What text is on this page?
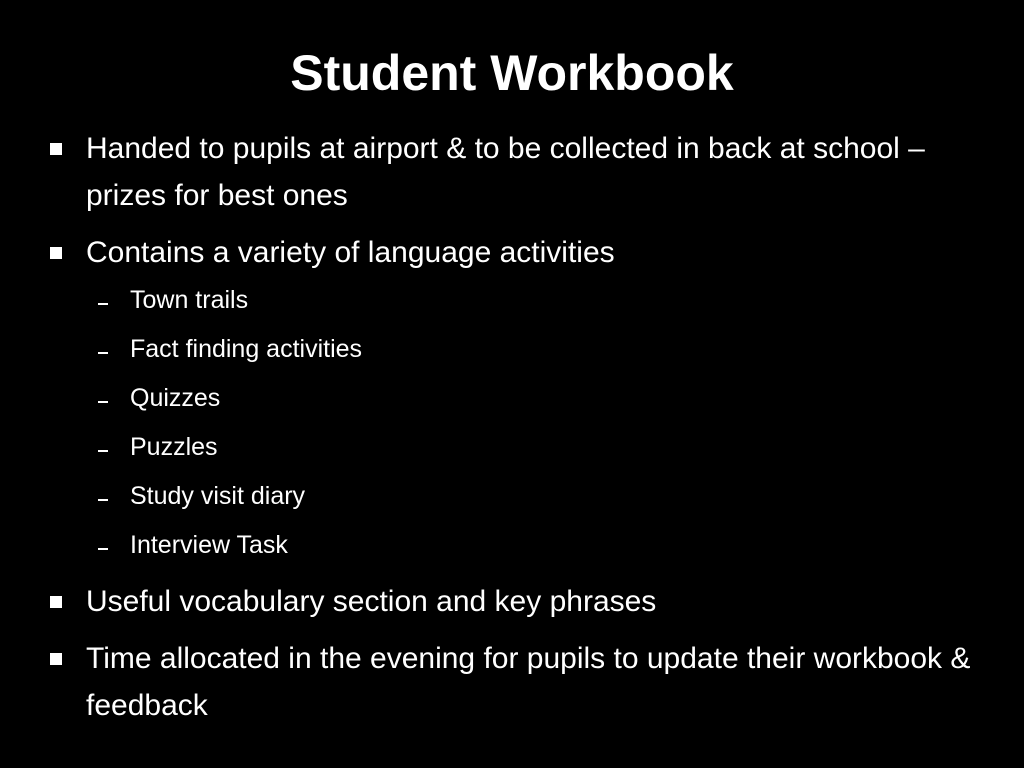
Student Workbook
Handed to pupils at airport & to be collected in back at school – prizes for best ones
Contains a variety of language activities
Town trails
Fact finding activities
Quizzes
Puzzles
Study visit diary
Interview Task
Useful vocabulary section and key phrases
Time allocated in the evening for pupils to update their workbook & feedback
